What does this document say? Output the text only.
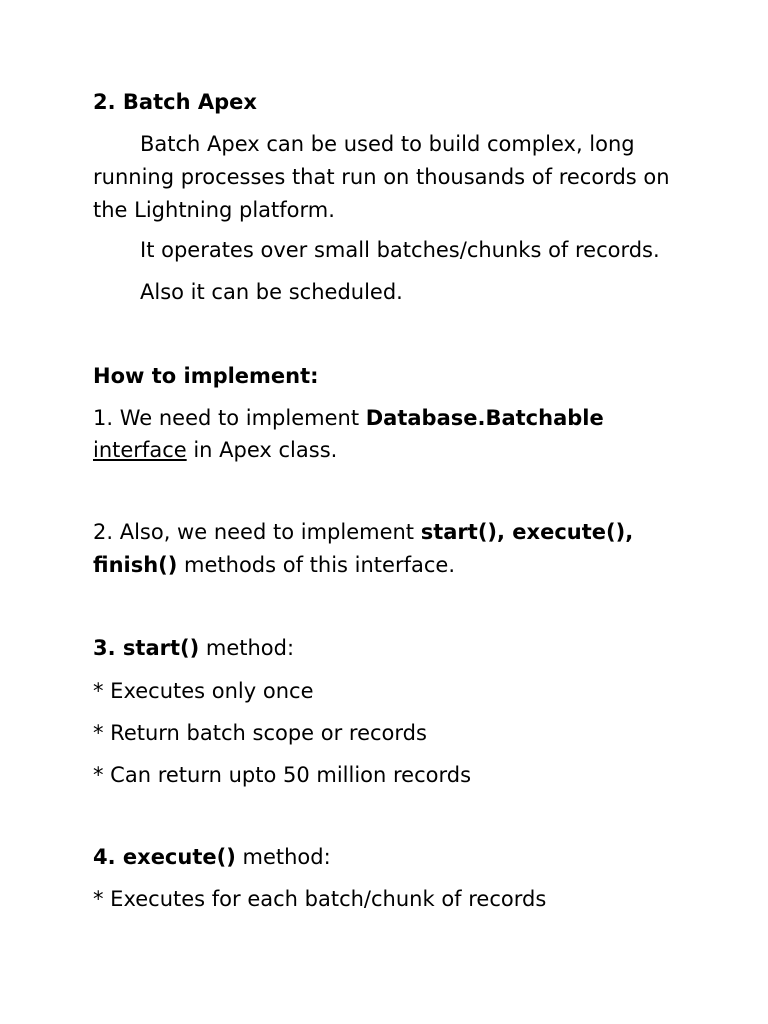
2. Batch Apex
Batch Apex can be used to build complex, long
running processes that run on thousands of records on
the Lightning platform.
It operates over small batches/chunks of records.
Also it can be scheduled.
How to implement:
1. We need to implement Database.Batchable
interface in Apex class.
2. Also, we need to implement start(), execute(),
finish() methods of this interface.
3. start() method:
* Executes only once
* Return batch scope or records
* Can return upto 50 million records
4. execute() method:
* Executes for each batch/chunk of records
